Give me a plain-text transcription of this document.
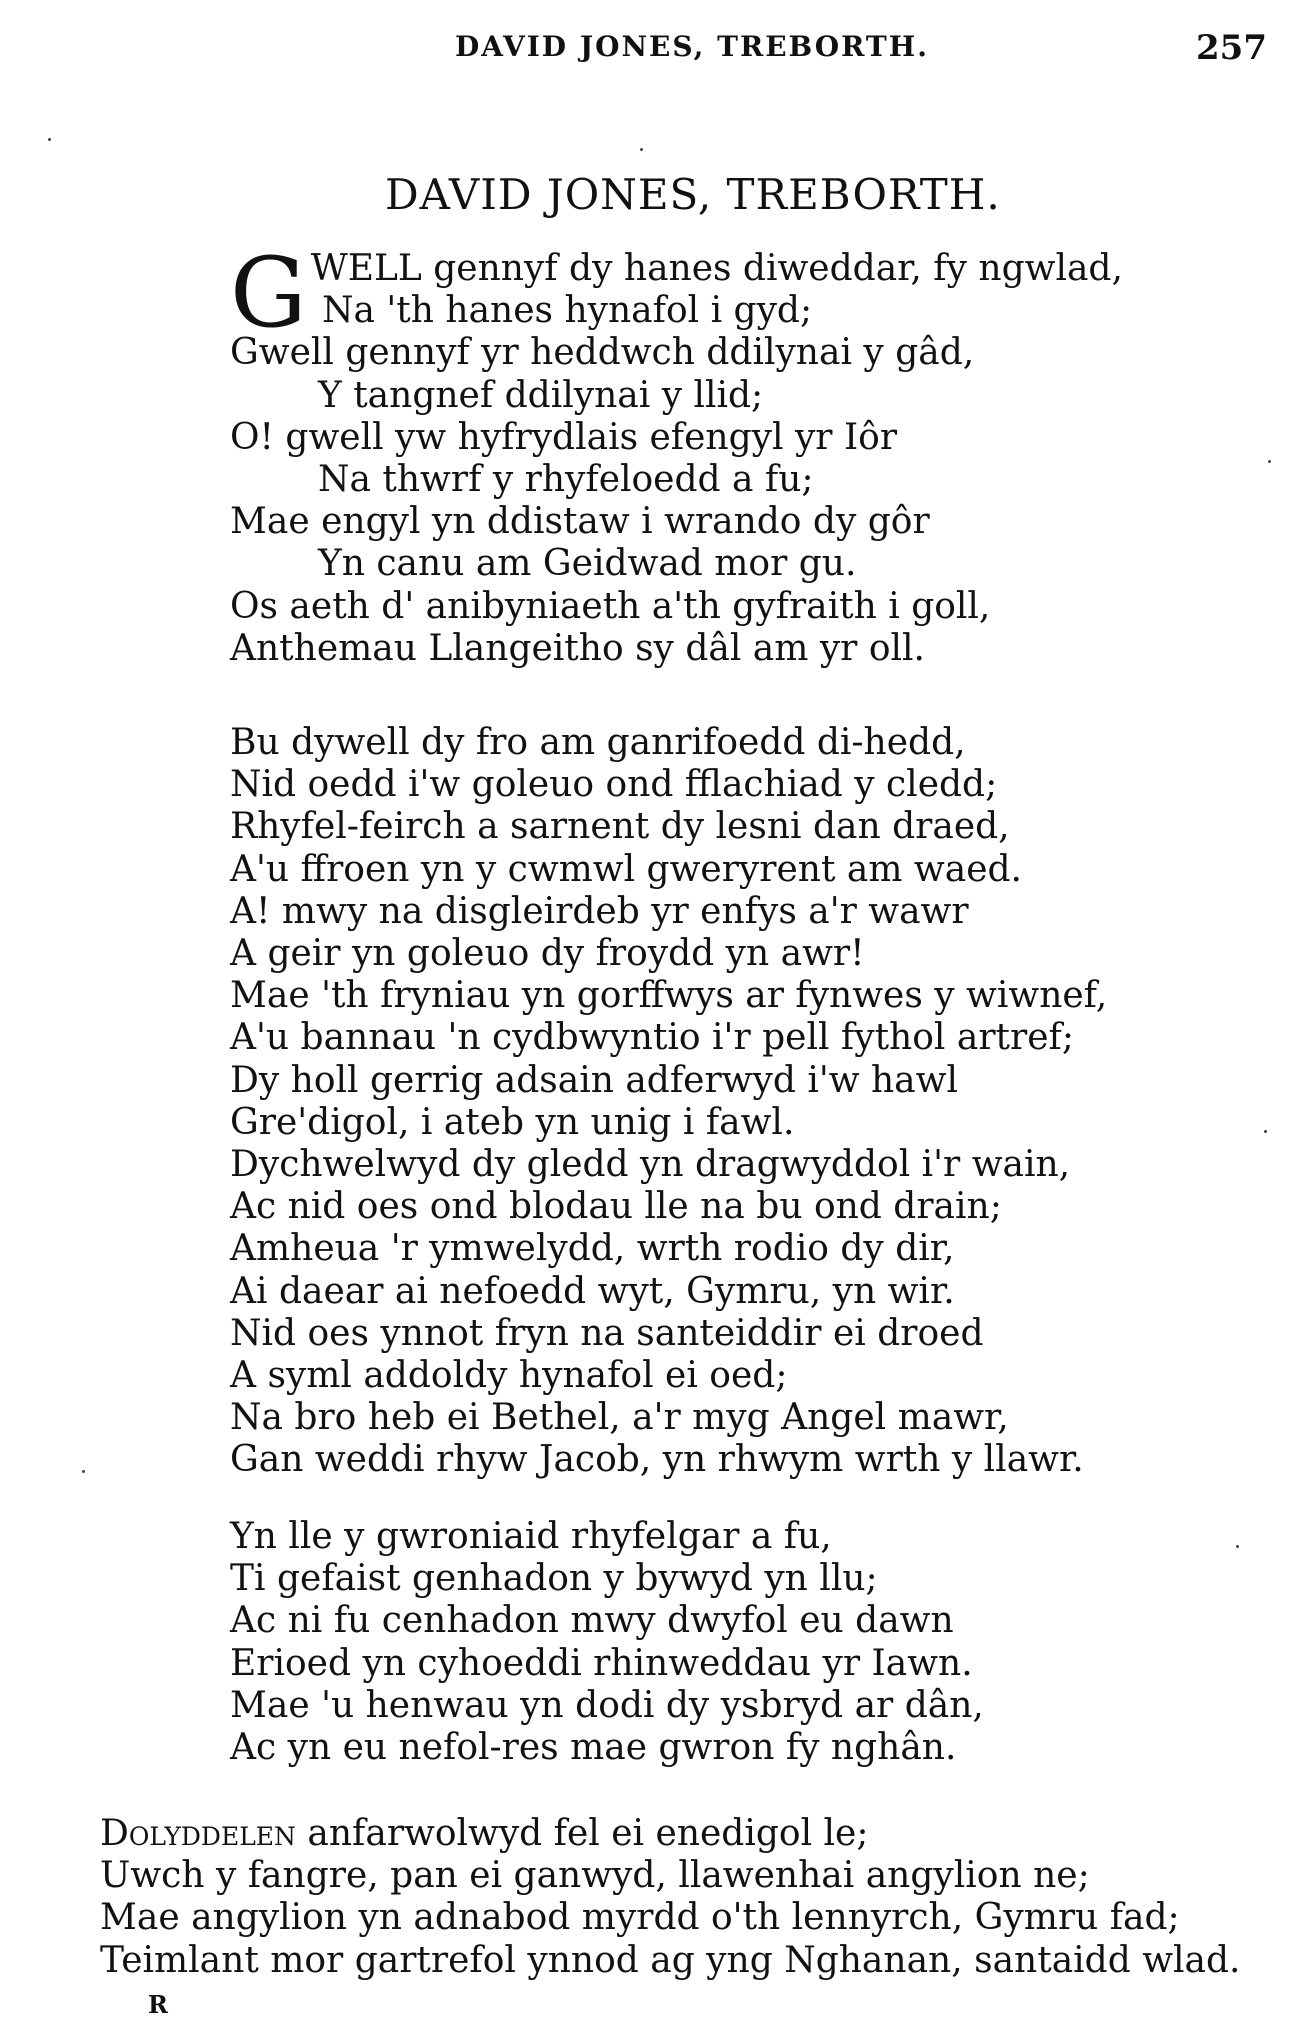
DAVID JONES, TREBORTH.	257
DAVID JONES, TREBORTH.
G WELL gennyf dy hanes diweddar, fy ngwlad,
Na 'th hanes hynafol i gyd;
Gwell gennyf yr heddwch ddilynai y gâd,
Y tangnef ddilynai y llid;
O! gwell yw hyfrydlais efengyl yr Iôr
Na thwrf y rhyfeloedd a fu;
Mae engyl yn ddistaw i wrando dy gôr
Yn canu am Geidwad mor gu.
Os aeth d' anibyniaeth a'th gyfraith i goll,
Anthemau Llangeitho sy dâl am yr oll.
Bu dywell dy fro am ganrifoedd di-hedd,
Nid oedd i'w goleuo ond fflachiad y cledd;
Rhyfel-feirch a sarnent dy lesni dan draed,
A'u ffroen yn y cwmwl gweryrent am waed.
A! mwy na disgleirdeb yr enfys a'r wawr
A geir yn goleuo dy froydd yn awr!
Mae 'th fryniau yn gorffwys ar fynwes y wiwnef,
A'u bannau 'n cydbwyntio i'r pell fythol artref;
Dy holl gerrig adsain adferwyd i'w hawl
Gre'digol, i ateb yn unig i fawl.
Dychwelwyd dy gledd yn dragwyddol i'r wain,
Ac nid oes ond blodau lle na bu ond drain;
Amheua 'r ymwelydd, wrth rodio dy dir,
Ai daear ai nefoedd wyt, Gymru, yn wir.
Nid oes ynnot fryn na santeiddir ei droed
A syml addoldy hynafol ei oed;
Na bro heb ei Bethel, a'r myg Angel mawr,
Gan weddi rhyw Jacob, yn rhwym wrth y llawr.
Yn lle y gwroniaid rhyfelgar a fu,
Ti gefaist genhadon y bywyd yn llu;
Ac ni fu cenhadon mwy dwyfol eu dawn
Erioed yn cyhoeddi rhinweddau yr Iawn.
Mae 'u henwau yn dodi dy ysbryd ar dân,
Ac yn eu nefol-res mae gwron fy nghân.
Dolyddelen anfarwolwyd fel ei enedigol le;
Uwch y fangre, pan ei ganwyd, llawenhai angylion ne;
Mae angylion yn adnabod myrdd o'th lennyrch, Gymru fad;
Teimlant mor gartrefol ynnod ag yng Nghanan, santaidd wlad.
R
